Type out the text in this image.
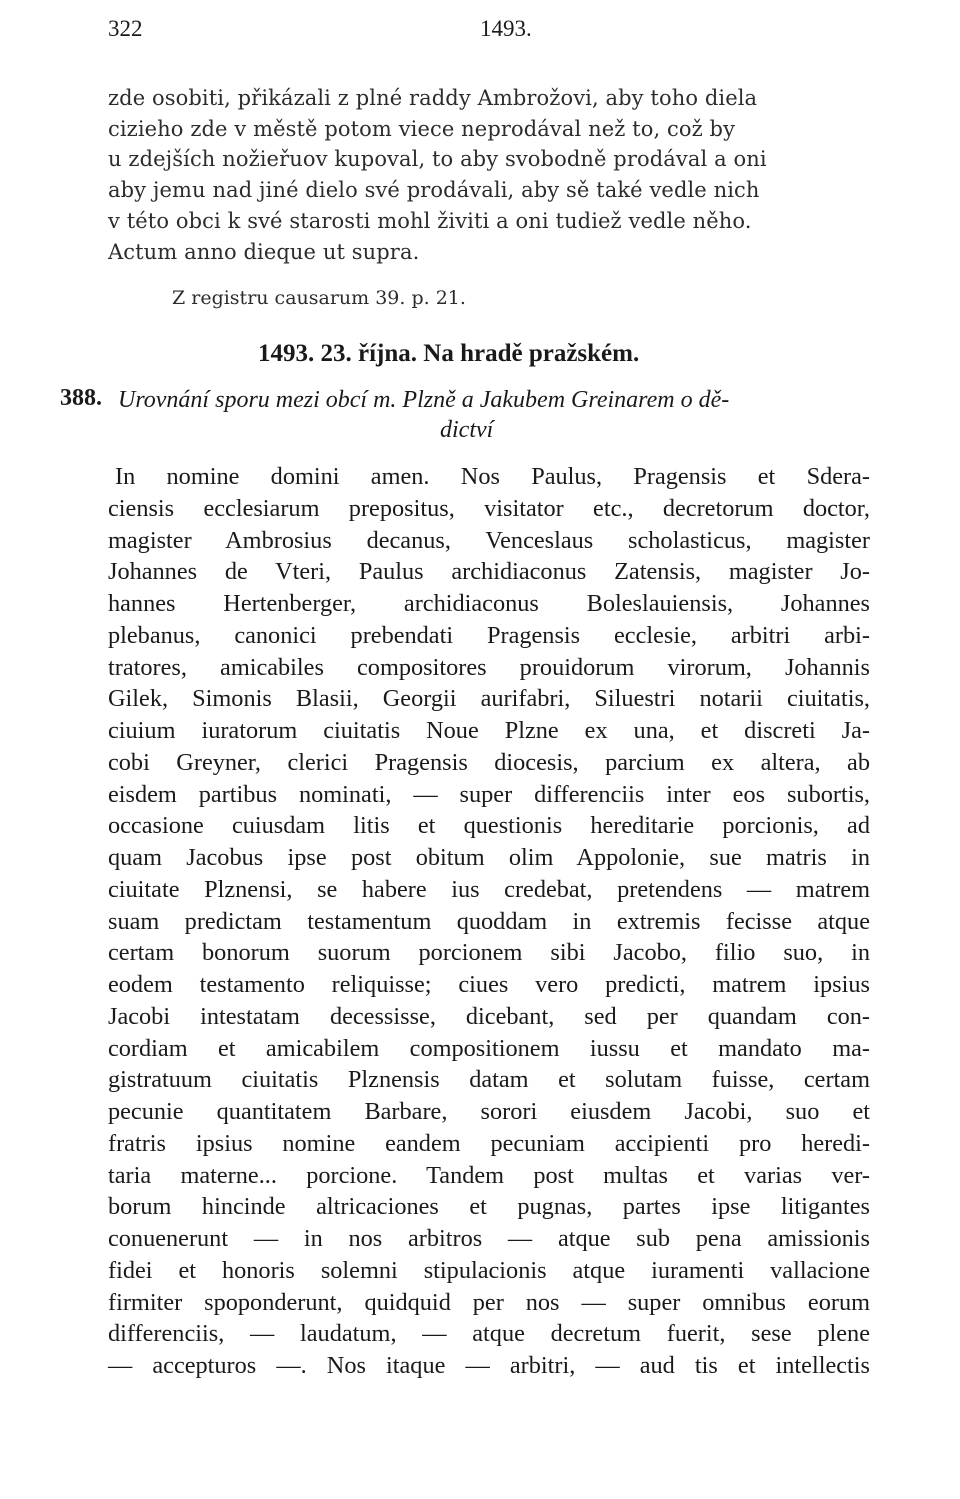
322	1493.
zde osobiti, přikázali z plné raddy Ambrožovi, aby toho diela
cizieho zde v městě potom viece neprodával než to, což by
u zdejších nožieřuov kupoval, to aby svobodně prodával a oni
aby jemu nad jiné dielo své prodávali, aby sě také vedle nich
v této obci k své starosti mohl živiti a oni tudiež vedle něho.
Actum anno dieque ut supra.
Z registru causarum 39. p. 21.
1493. 23. října. Na hradě pražském.
388. Urovnání sporu mezi obcí m. Plzně a Jakubem Greinarem o dě-
dictví
In nomine domini amen. Nos Paulus, Pragensis et Sdera-
ciensis ecclesiarum prepositus, visitator etc., decretorum doctor,
magister Ambrosius decanus, Venceslaus scholasticus, magister
Johannes de Vteri, Paulus archidiaconus Zatensis, magister Jo-
hannes Hertenberger, archidiaconus Boleslauiensis, Johannes
plebanus, canonici prebendati Pragensis ecclesie, arbitri arbi-
tratores, amicabiles compositores prouidorum virorum, Johannis
Gilek, Simonis Blasii, Georgii aurifabri, Siluestri notarii ciuitatis,
ciuium iuratorum ciuitatis Noue Plzne ex una, et discreti Ja-
cobi Greyner, clerici Pragensis diocesis, parcium ex altera, ab
eisdem partibus nominati, — super differenciis inter eos subortis,
occasione cuiusdam litis et questionis hereditarie porcionis, ad
quam Jacobus ipse post obitum olim Appolonie, sue matris in
ciuitate Plznensi, se habere ius credebat, pretendens — matrem
suam predictam testamentum quoddam in extremis fecisse atque
certam bonorum suorum porcionem sibi Jacobo, filio suo, in
eodem testamento reliquisse; ciues vero predicti, matrem ipsius
Jacobi intestatam decessisse, dicebant, sed per quandam con-
cordiam et amicabilem compositionem iussu et mandato ma-
gistratuum ciuitatis Plznensis datam et solutam fuisse, certam
pecunie quantitatem Barbare, sorori eiusdem Jacobi, suo et
fratris ipsius nomine eandem pecuniam accipienti pro heredi-
taria materne... porcione. Tandem post multas et varias ver-
borum hincinde altricaciones et pugnas, partes ipse litigantes
conuenerunt — in nos arbitros — atque sub pena amissionis
fidei et honoris solemni stipulacionis atque iuramenti vallacione
firmiter spoponderunt, quidquid per nos — super omnibus eorum
differenciis, — laudatum, — atque decretum fuerit, sese plene
— accepturos —. Nos itaque — arbitri, — aud tis et intellectis
